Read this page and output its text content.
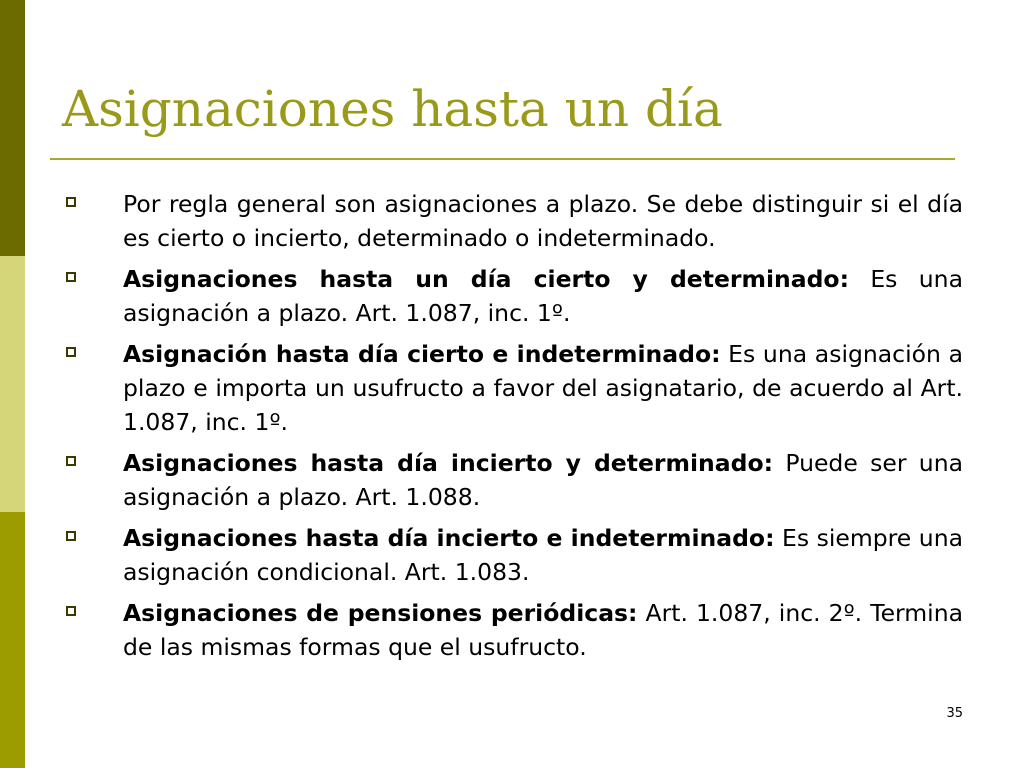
Asignaciones hasta un día
Por regla general son asignaciones a plazo. Se debe distinguir si el día es cierto o incierto, determinado o indeterminado.
Asignaciones hasta un día cierto y determinado: Es una asignación a plazo. Art. 1.087, inc. 1º.
Asignación hasta día cierto e indeterminado: Es una asignación a plazo e importa un usufructo a favor del asignatario, de acuerdo al Art. 1.087, inc. 1º.
Asignaciones hasta día incierto y determinado: Puede ser una asignación a plazo. Art. 1.088.
Asignaciones hasta día incierto e indeterminado: Es siempre una asignación condicional. Art. 1.083.
Asignaciones de pensiones periódicas: Art. 1.087, inc. 2º. Termina de las mismas formas que el usufructo.
35
